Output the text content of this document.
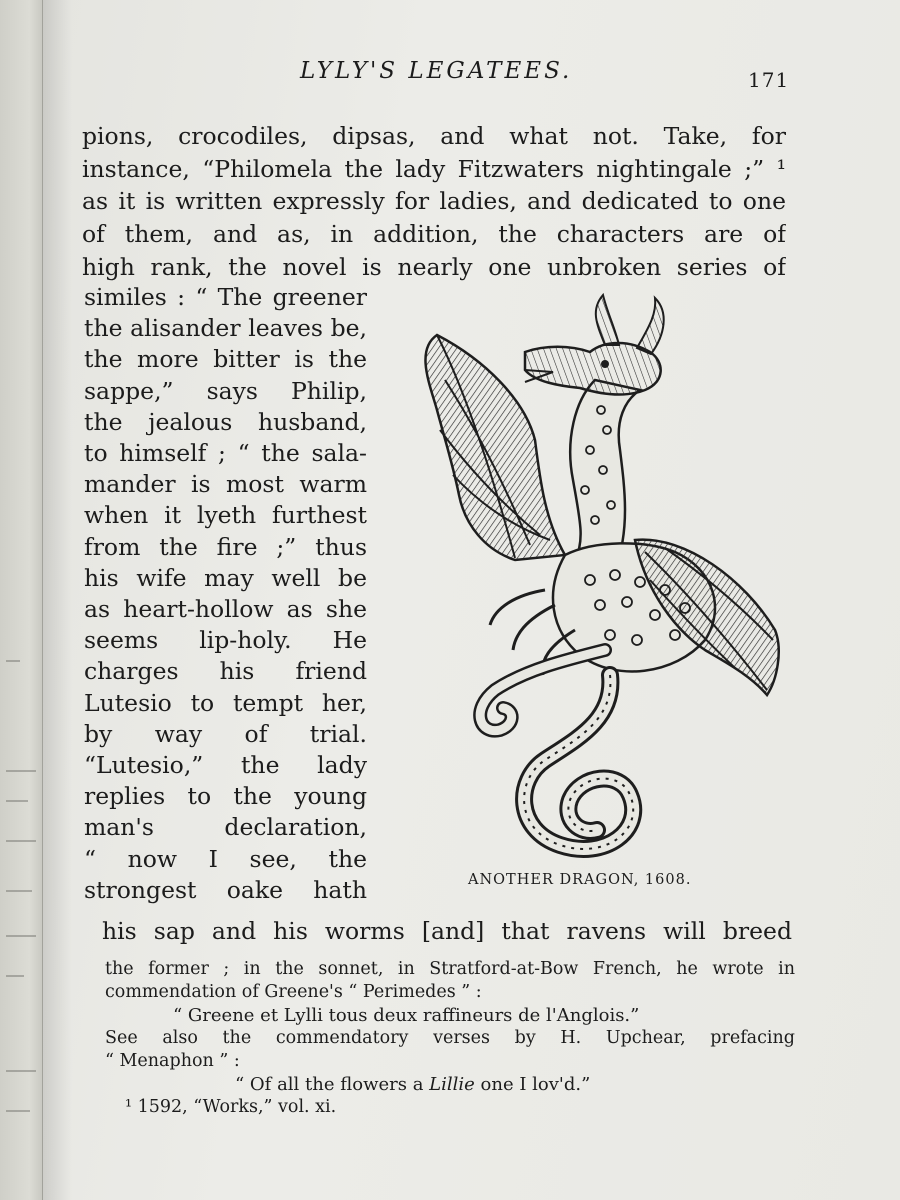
LYLY'S LEGATEES.	171
pions, crocodiles, dipsas, and what not. Take, for
instance, “Philomela the lady Fitzwaters nightingale ;” ¹
as it is written expressly for ladies, and dedicated to one
of them, and as, in addition, the characters are of
high rank, the novel is nearly one unbroken series of
similes : “ The greener
the alisander leaves be,
the more bitter is the
sappe,” says Philip,
the jealous husband,
to himself ; “ the sala-
mander is most warm
when it lyeth furthest
from the fire ;” thus
his wife may well be
as heart-hollow as she
seems lip-holy. He
charges his friend
Lutesio to tempt her,
by way of trial.
“Lutesio,” the lady
replies to the young
man's declaration,
“ now I see, the
strongest oake hath	ANOTHER DRAGON, 1608.
his sap and his worms [and] that ravens will breed
the former ; in the sonnet, in Stratford-at-Bow French, he wrote in
commendation of Greene's “ Perimedes ” :
“ Greene et Lylli tous deux raffineurs de l'Anglois.”
See also the commendatory verses by H. Upchear, prefacing
“ Menaphon ” :
“ Of all the flowers a Lillie one I lov'd.”
¹ 1592, “Works,” vol. xi.
